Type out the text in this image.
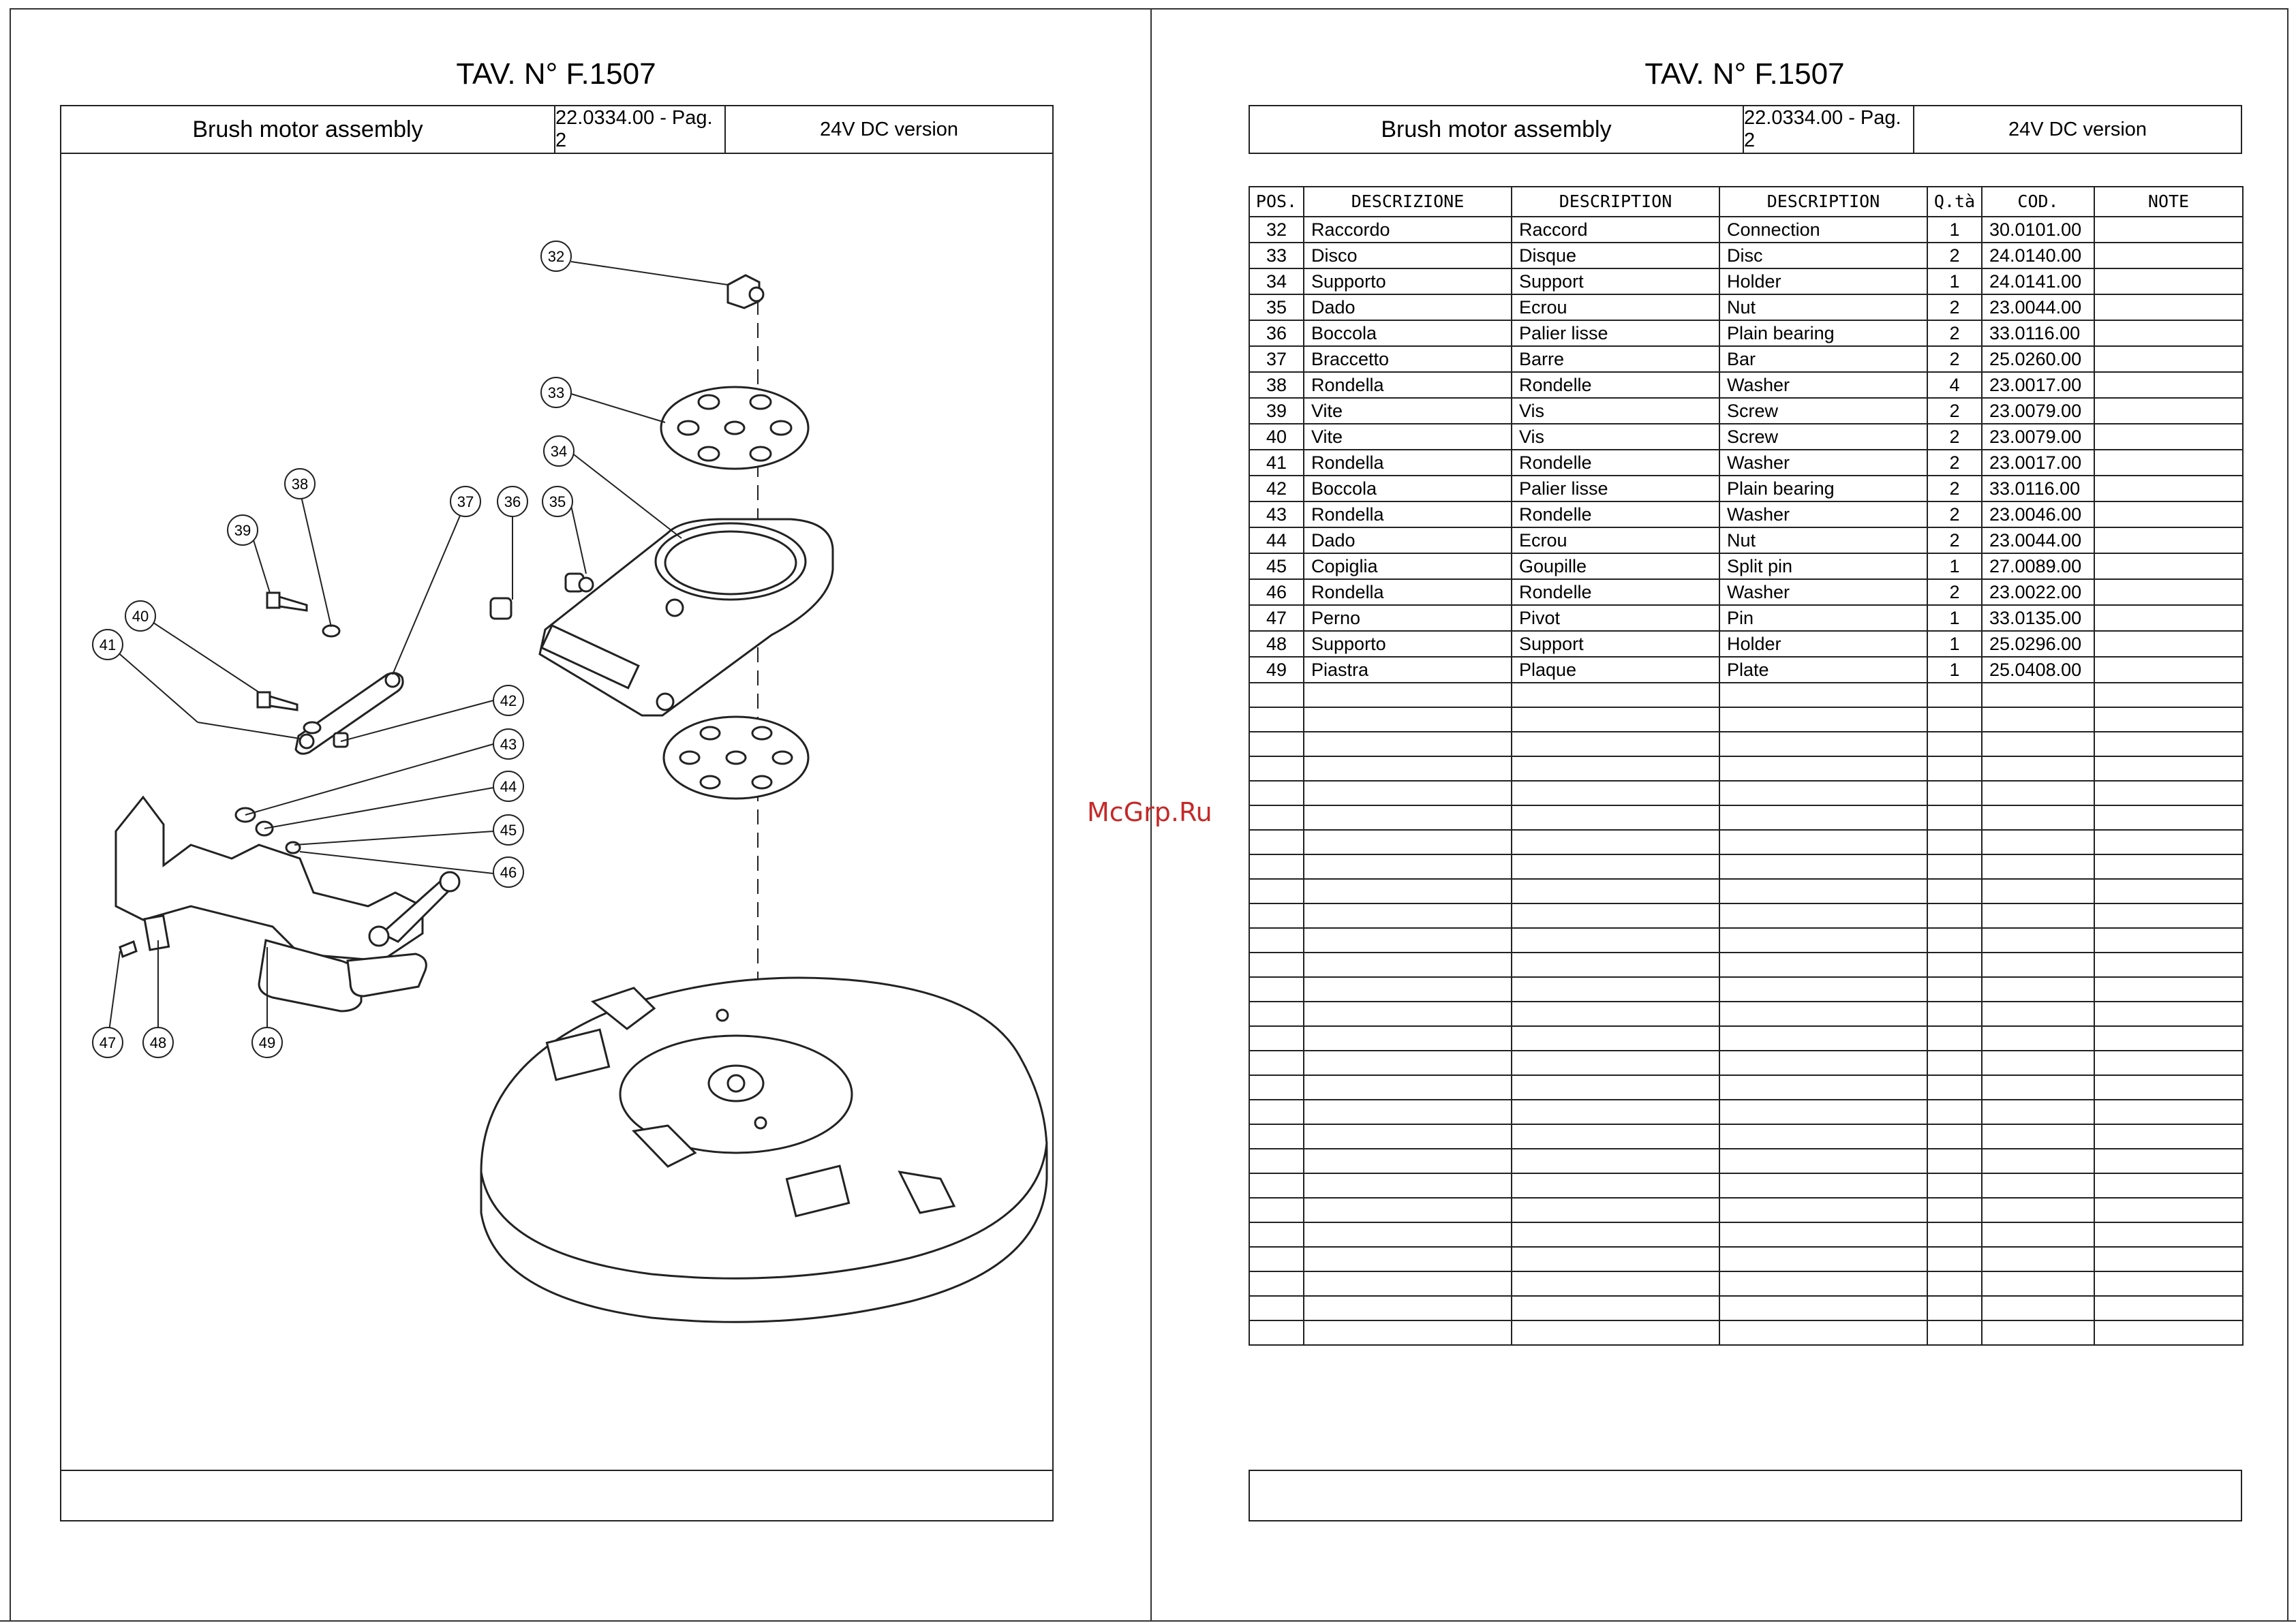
TAV. N° F.1507
Brush motor assembly	22.0334.00 - Pag. 2
24V DC version
32
33
34
35
36
37
38
39
40
41
42
43
44
45
46
47 48	49
TAV. N° F.1507
Brush motor assembly	22.0334.00 - Pag. 2
24V DC version
POS.	DESCRIZIONE	DESCRIPTION	DESCRIPTION	Q.tà	COD.	NOTE
32	Raccordo	Raccord	Connection	1	30.0101.00	
33	Disco	Disque	Disc	2	24.0140.00	
34	Supporto	Support	Holder	1	24.0141.00	
35	Dado	Ecrou	Nut	2	23.0044.00	
36	Boccola	Palier lisse	Plain bearing	2	33.0116.00	
37	Braccetto	Barre	Bar	2	25.0260.00	
38	Rondella	Rondelle	Washer	4	23.0017.00	
39	Vite	Vis	Screw	2	23.0079.00	
40	Vite	Vis	Screw	2	23.0079.00	
41	Rondella	Rondelle	Washer	2	23.0017.00	
42	Boccola	Palier lisse	Plain bearing	2	33.0116.00	
43	Rondella	Rondelle	Washer	2	23.0046.00	
44	Dado	Ecrou	Nut	2	23.0044.00	
45	Copiglia	Goupille	Split pin	1	27.0089.00	
46	Rondella	Rondelle	Washer	2	23.0022.00	
47	Perno	Pivot	Pin	1	33.0135.00	
48	Supporto	Support	Holder	1	25.0296.00	
49	Piastra	Plaque	Plate	1	25.0408.00	

McGrp.Ru
